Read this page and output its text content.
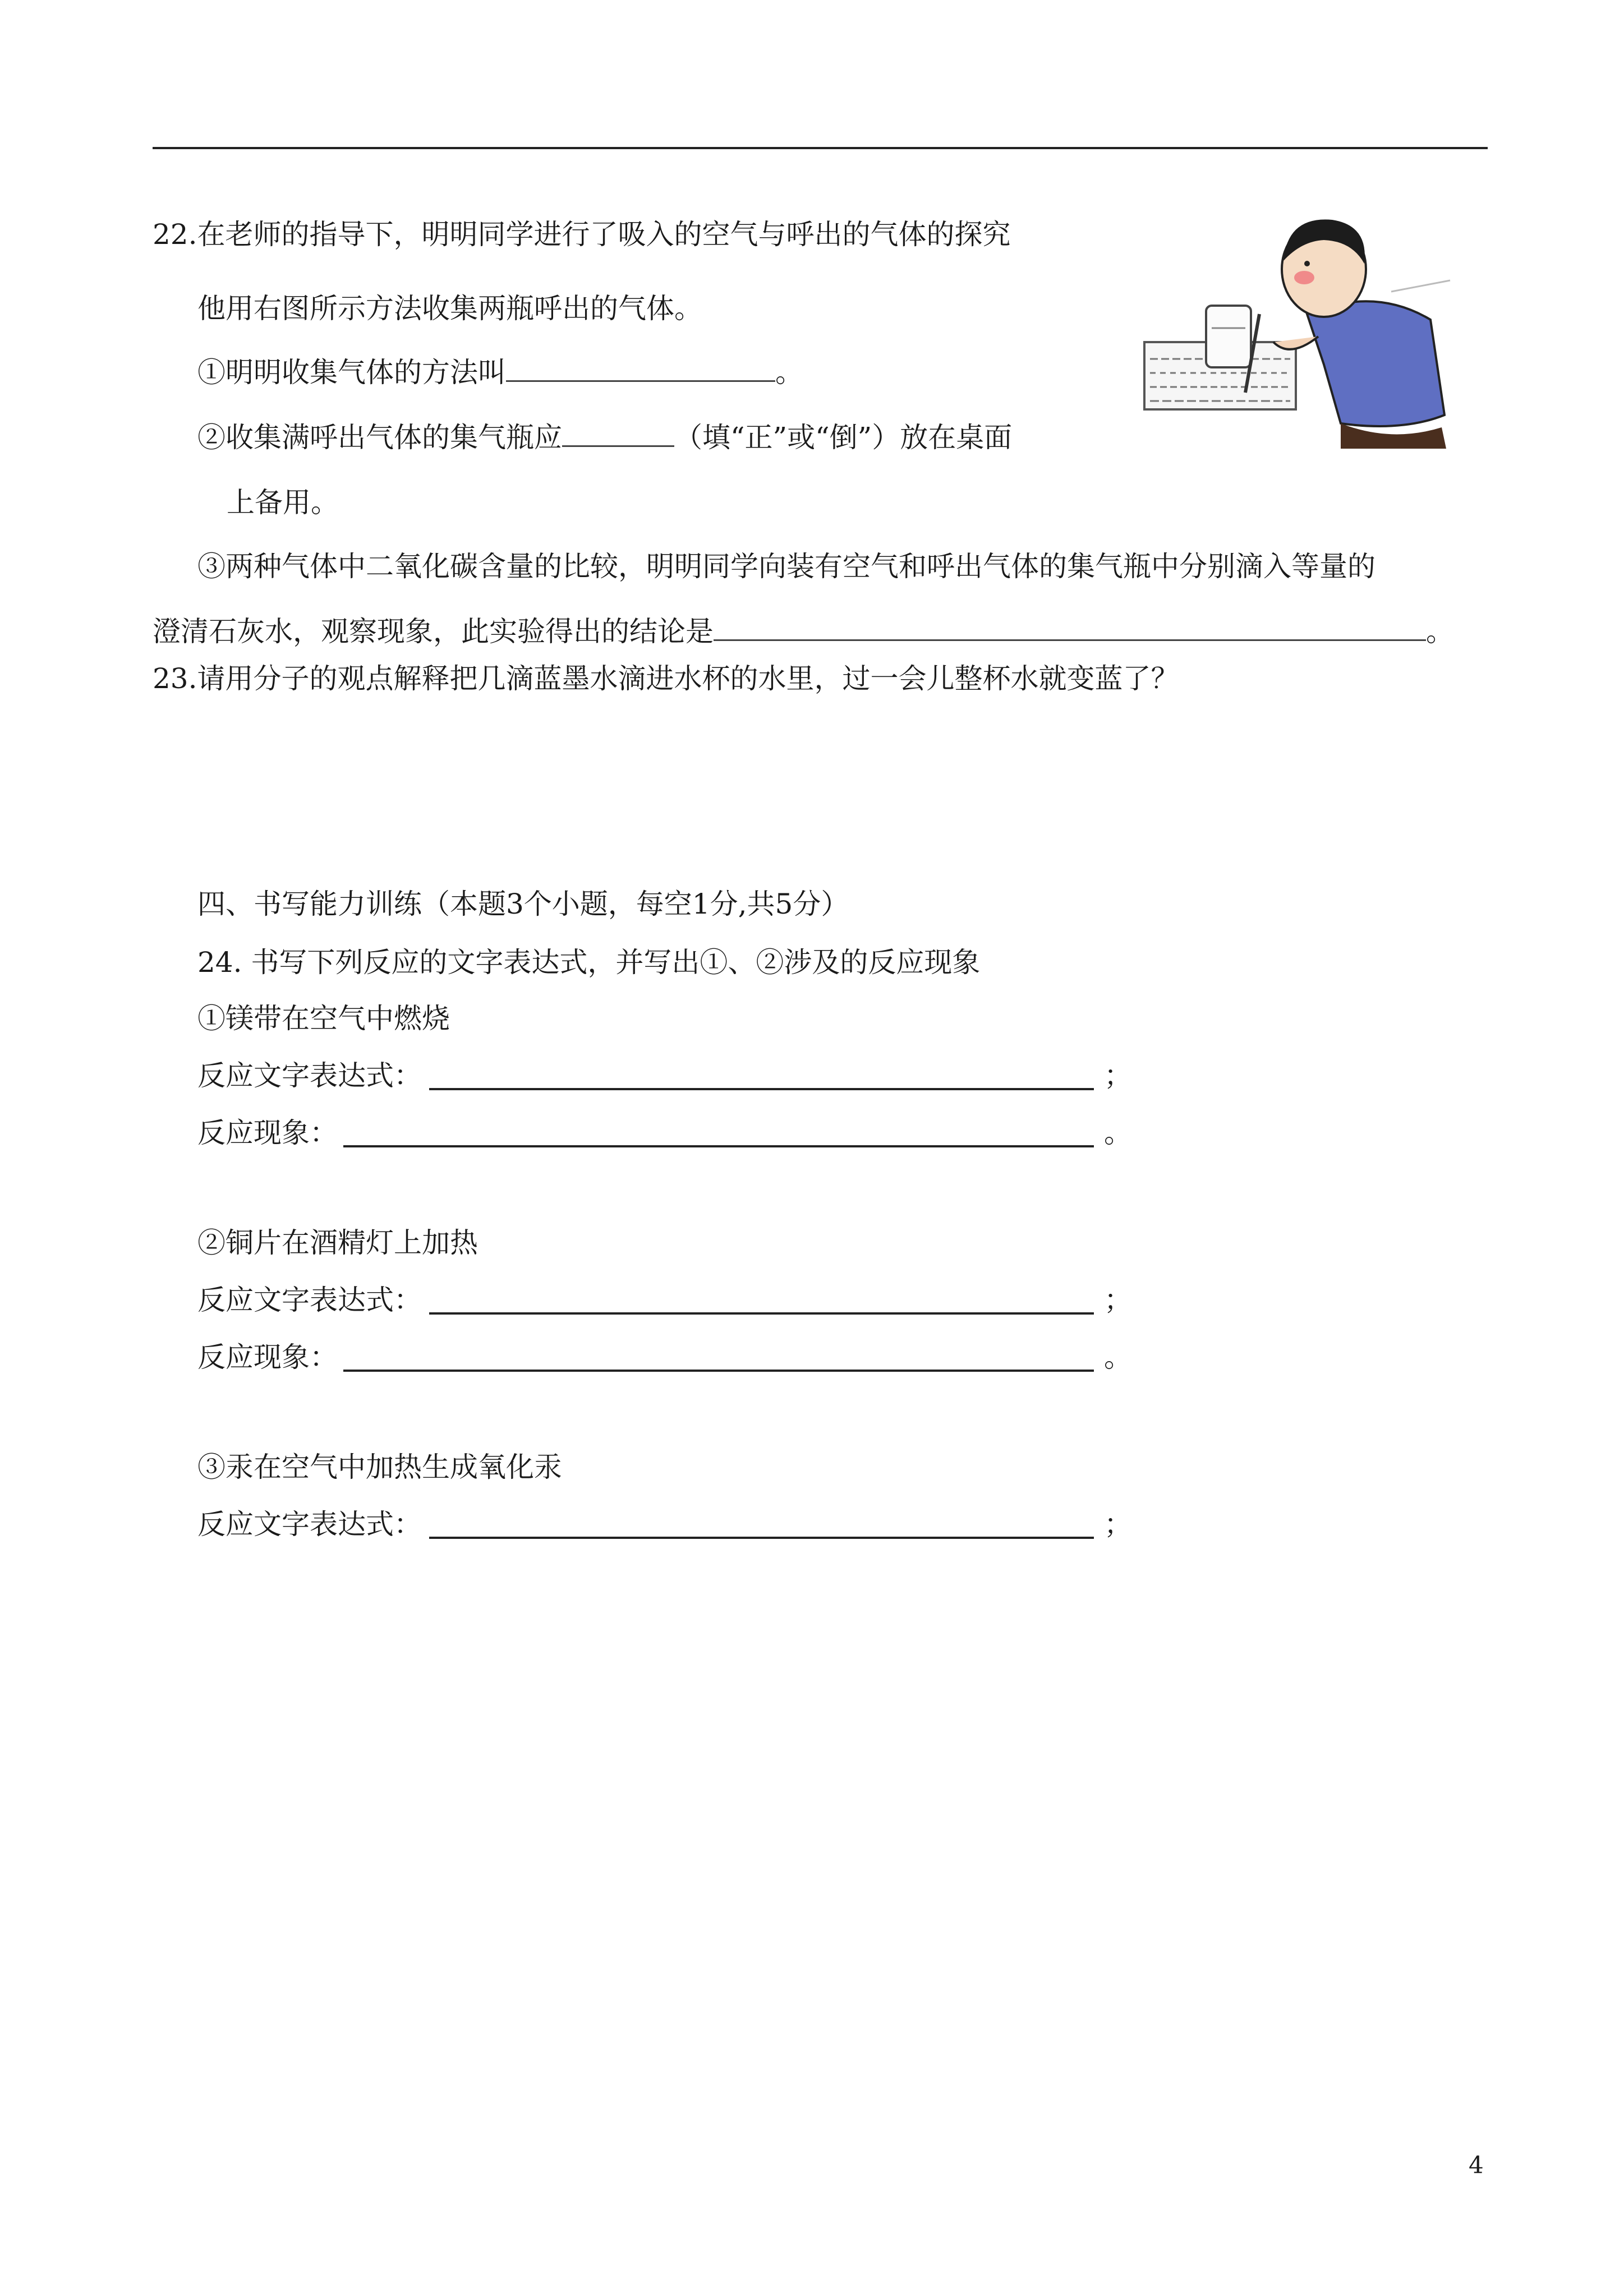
22.在老师的指导下，明明同学进行了吸入的空气与呼出的气体的探究
他用右图所示方法收集两瓶呼出的气体。
①明明收集气体的方法叫	。
②收集满呼出气体的集气瓶应	（填“正”或“倒”）放在桌面
上备用。
③两种气体中二氧化碳含量的比较，明明同学向装有空气和呼出气体的集气瓶中分别滴入等量的
澄清石灰水，观察现象，此实验得出的结论是	。
23.请用分子的观点解释把几滴蓝墨水滴进水杯的水里，过一会儿整杯水就变蓝了？
四、书写能力训练（本题3个小题，每空1分,共5分）
24. 书写下列反应的文字表达式，并写出①、②涉及的反应现象
①镁带在空气中燃烧
反应文字表达式：	；
反应现象：	。
②铜片在酒精灯上加热
反应文字表达式：	；
反应现象：	。
③汞在空气中加热生成氧化汞
反应文字表达式：	；
4
